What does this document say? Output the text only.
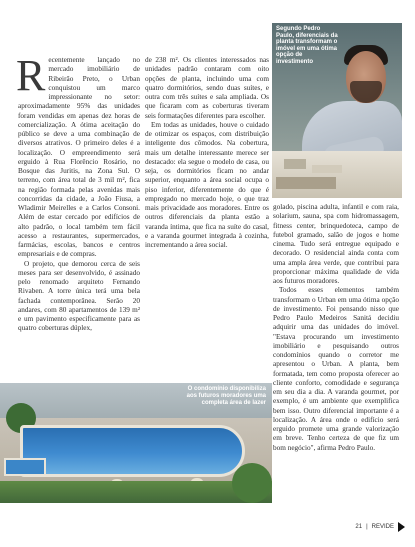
Recentemente lançado no mercado imobiliário de Ribeirão Preto, o Urban conquistou um marco impressionante no setor: aproximadamente 95% das unidades foram vendidas em apenas dez horas de comercialização. A ótima aceitação do público se deve a uma combinação de diversos atrativos. O primeiro deles é a localização. O empreendimento será erguido à Rua Florêncio Rosário, no Bosque das Juritis, na Zona Sul. O terreno, com área total de 3 mil m², fica na região formada pelas avenidas mais concorridas da cidade, a João Fiusa, a Wladimir Meirelles e a Carlos Consoni. Além de estar cercado por edifícios de alto padrão, o local também tem fácil acesso a restaurantes, supermercados, farmácias, escolas, bancos e centros empresariais e de compras.

O projeto, que demorou cerca de seis meses para ser desenvolvido, é assinado pelo renomado arquiteto Fernando Rivaben. A torre única terá uma bela fachada contemporânea. Serão 20 andares, com 80 apartamentos de 139 m² e um pavimento especificamente para as quatro coberturas dúplex,

de 238 m². Os clientes interessados nas unidades padrão contaram com oito opções de planta, incluindo uma com quatro dormitórios, sendo duas suítes, e outra com três suítes e sala ampliada. Os que ficaram com as coberturas tiveram seis formatações diferentes para escolher.

Em todas as unidades, houve o cuidado de otimizar os espaços, com distribuição inteligente dos cômodos. Na cobertura, mais um detalhe interessante merece ser destacado: ela segue o modelo de casa, ou seja, os dormitórios ficam no andar superior, enquanto a área social ocupa o piso inferior, diferentemente do que é empregado no mercado hoje, o que traz mais privacidade aos moradores. Entre os outros diferenciais da planta estão a varanda íntima, que fica na suíte do casal, e a varanda gourmet integrada à cozinha, incrementando a área social.

Segundo Pedro Paulo, diferenciais da planta transformam o imóvel em uma ótima opção de investimento

golado, piscina adulta, infantil e com raia, solarium, sauna, spa com hidromassagem, fitness center, brinquedoteca, campo de futebol gramado, salão de jogos e home cinema. Tudo será entregue equipado e decorado. O residencial ainda conta com uma ampla área verde, que contribui para proporcionar máxima qualidade de vida aos futuros moradores.

Todos esses elementos também transformam o Urban em uma ótima opção de investimento. Foi pensando nisso que Pedro Paulo Medeiros Sanitá decidiu adquirir uma das unidades do imóvel. "Estava procurando um investimento imobiliário e pesquisando outros condomínios quando o corretor me apresentou o Urban. A planta, bem formatada, tem como proposta oferecer ao cliente conforto, comodidade e segurança em seu dia a dia. A varanda gourmet, por exemplo, é um ambiente que exemplifica bem isso. Outro diferencial importante é a localização. A área onde o edifício será erguido promete uma grande valorização em breve. Tenho certeza de que fiz um bom negócio", afirma Pedro Paulo.

O condomínio disponibiliza aos futuros moradores uma completa área de lazer
21 | REVIDE
